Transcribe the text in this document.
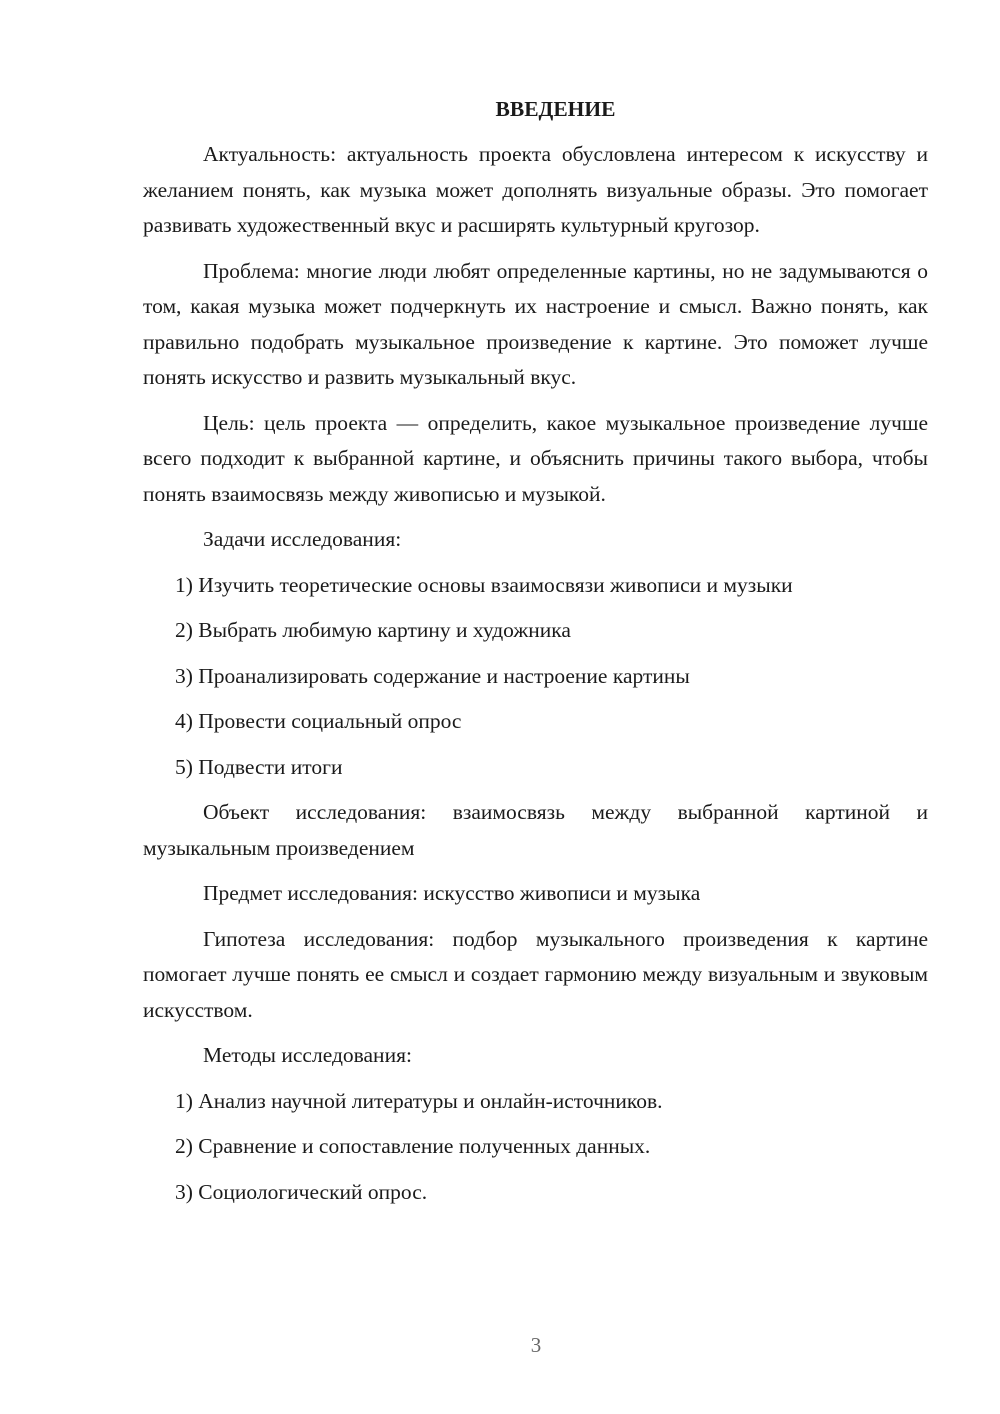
ВВЕДЕНИЕ

Актуальность: актуальность проекта обусловлена интересом к искусству и желанием понять, как музыка может дополнять визуальные образы. Это помогает развивать художественный вкус и расширять культурный кругозор.

Проблема: многие люди любят определенные картины, но не задумываются о том, какая музыка может подчеркнуть их настроение и смысл. Важно понять, как правильно подобрать музыкальное произведение к картине. Это поможет лучше понять искусство и развить музыкальный вкус.

Цель: цель проекта — определить, какое музыкальное произведение лучше всего подходит к выбранной картине, и объяснить причины такого выбора, чтобы понять взаимосвязь между живописью и музыкой.

Задачи исследования:

1) Изучить теоретические основы взаимосвязи живописи и музыки

2) Выбрать любимую картину и художника

3) Проанализировать содержание и настроение картины

4) Провести социальный опрос

5) Подвести итоги

Объект исследования: взаимосвязь между выбранной картиной и музыкальным произведением

Предмет исследования: искусство живописи и музыка

Гипотеза исследования: подбор музыкального произведения к картине помогает лучше понять ее смысл и создает гармонию между визуальным и звуковым искусством.

Методы исследования:

1) Анализ научной литературы и онлайн-источников.

2) Сравнение и сопоставление полученных данных.

3) Социологический опрос.

3
